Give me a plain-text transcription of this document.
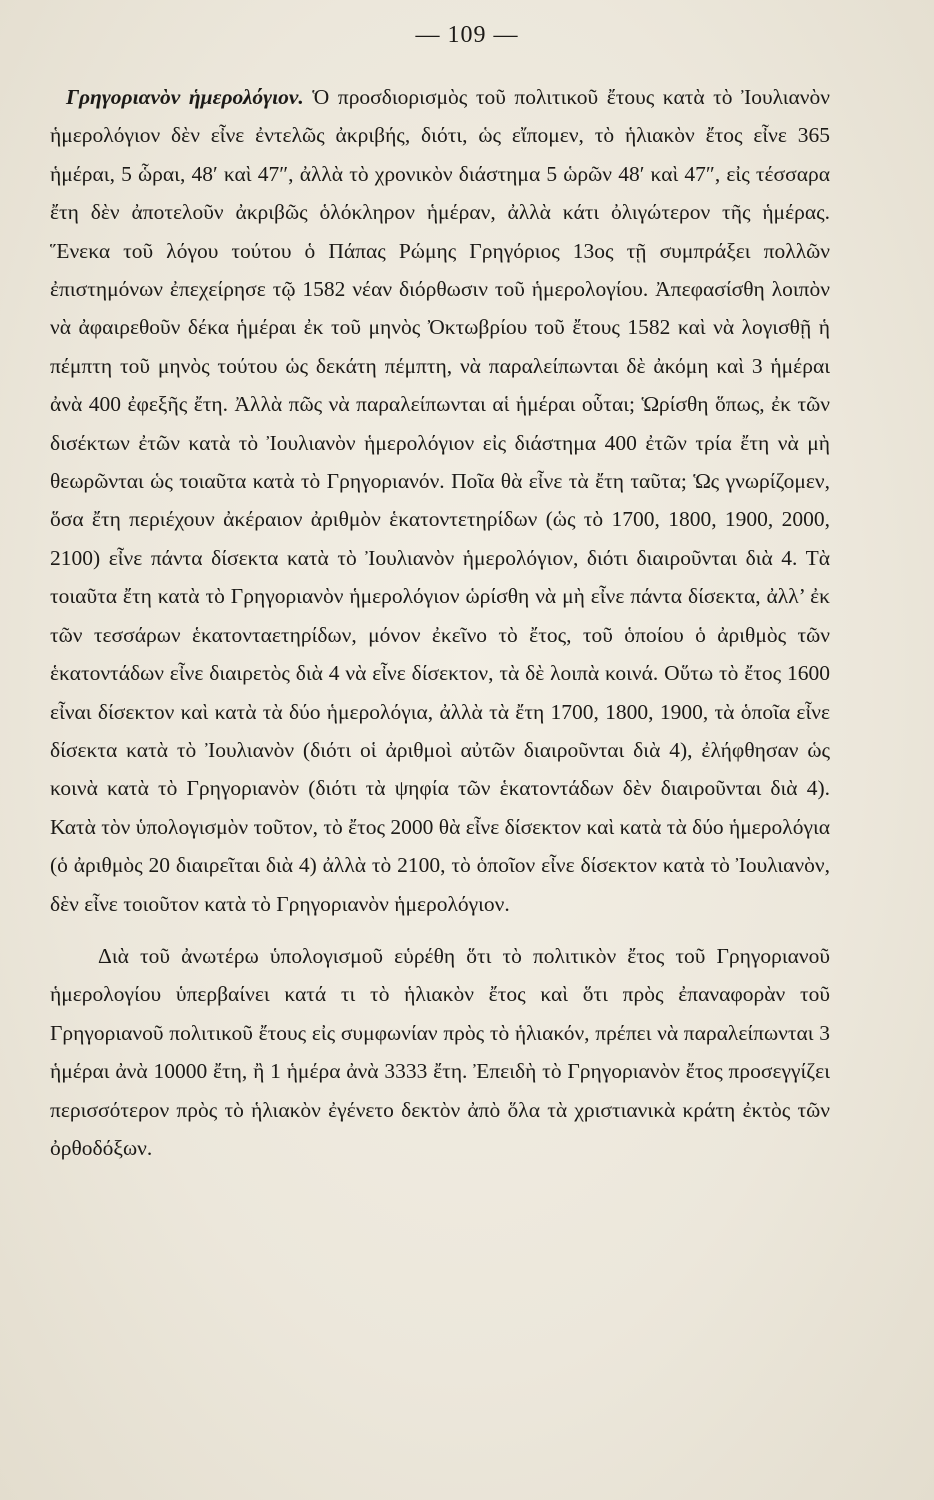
— 109 —

Γρηγοριανὸν ἡμερολόγιον. Ὁ προσδιορισμὸς τοῦ πολιτικοῦ ἔτους κατὰ τὸ Ἰουλιανὸν ἡμερολόγιον δὲν εἶνε ἐντελῶς ἀκριβής, διότι, ὡς εἴπομεν, τὸ ἡλιακὸν ἔτος εἶνε 365 ἡμέραι, 5 ὧραι, 48′ καὶ 47″, ἀλλὰ τὸ χρονικὸν διάστημα 5 ὡρῶν 48′ καὶ 47″, εἰς τέσσαρα ἔτη δὲν ἀποτελοῦν ἀκριβῶς ὁλόκληρον ἡμέραν, ἀλλὰ κάτι ὀλιγώτερον τῆς ἡμέρας. Ἕνεκα τοῦ λόγου τούτου ὁ Πάπας Ρώμης Γρηγόριος 13ος τῇ συμπράξει πολλῶν ἐπιστημόνων ἐπεχείρησε τῷ 1582 νέαν διόρθωσιν τοῦ ἡμερολογίου. Ἀπεφασίσθη λοιπὸν νὰ ἀφαιρεθοῦν δέκα ἡμέραι ἐκ τοῦ μηνὸς Ὀκτωβρίου τοῦ ἔτους 1582 καὶ νὰ λογισθῇ ἡ πέμπτη τοῦ μηνὸς τούτου ὡς δεκάτη πέμπτη, νὰ παραλείπωνται δὲ ἀκόμη καὶ 3 ἡμέραι ἀνὰ 400 ἐφεξῆς ἔτη. Ἀλλὰ πῶς νὰ παραλείπωνται αἱ ἡμέραι οὗται; Ὡρίσθη ὅπως, ἐκ τῶν δισέκτων ἐτῶν κατὰ τὸ Ἰουλιανὸν ἡμερολόγιον εἰς διάστημα 400 ἐτῶν τρία ἔτη νὰ μὴ θεωρῶνται ὡς τοιαῦτα κατὰ τὸ Γρηγοριανόν. Ποῖα θὰ εἶνε τὰ ἔτη ταῦτα; Ὡς γνωρίζομεν, ὅσα ἔτη περιέχουν ἀκέραιον ἀριθμὸν ἑκατοντετηρίδων (ὡς τὸ 1700, 1800, 1900, 2000, 2100) εἶνε πάντα δίσεκτα κατὰ τὸ Ἰουλιανὸν ἡμερολόγιον, διότι διαιροῦνται διὰ 4. Τὰ τοιαῦτα ἔτη κατὰ τὸ Γρηγοριανὸν ἡμερολόγιον ὡρίσθη νὰ μὴ εἶνε πάντα δίσεκτα, ἀλλ’ ἐκ τῶν τεσσάρων ἑκατονταετηρίδων, μόνον ἐκεῖνο τὸ ἔτος, τοῦ ὁποίου ὁ ἀριθμὸς τῶν ἑκατοντάδων εἶνε διαιρετὸς διὰ 4 νὰ εἶνε δίσεκτον, τὰ δὲ λοιπὰ κοινά. Οὕτω τὸ ἔτος 1600 εἶναι δίσεκτον καὶ κατὰ τὰ δύο ἡμερολόγια, ἀλλὰ τὰ ἔτη 1700, 1800, 1900, τὰ ὁποῖα εἶνε δίσεκτα κατὰ τὸ Ἰουλιανὸν (διότι οἱ ἀριθμοὶ αὐτῶν διαιροῦνται διὰ 4), ἐλήφθησαν ὡς κοινὰ κατὰ τὸ Γρηγοριανὸν (διότι τὰ ψηφία τῶν ἑκατοντάδων δὲν διαιροῦνται διὰ 4). Κατὰ τὸν ὑπολογισμὸν τοῦτον, τὸ ἔτος 2000 θὰ εἶνε δίσεκτον καὶ κατὰ τὰ δύο ἡμερολόγια (ὁ ἀριθμὸς 20 διαιρεῖται διὰ 4) ἀλλὰ τὸ 2100, τὸ ὁποῖον εἶνε δίσεκτον κατὰ τὸ Ἰουλιανὸν, δὲν εἶνε τοιοῦτον κατὰ τὸ Γρηγοριανὸν ἡμερολόγιον.

Διὰ τοῦ ἀνωτέρω ὑπολογισμοῦ εὑρέθη ὅτι τὸ πολιτικὸν ἔτος τοῦ Γρηγοριανοῦ ἡμερολογίου ὑπερβαίνει κατά τι τὸ ἡλιακὸν ἔτος καὶ ὅτι πρὸς ἐπαναφορὰν τοῦ Γρηγοριανοῦ πολιτικοῦ ἔτους εἰς συμφωνίαν πρὸς τὸ ἡλιακόν, πρέπει νὰ παραλείπωνται 3 ἡμέραι ἀνὰ 10000 ἔτη, ἢ 1 ἡμέρα ἀνὰ 3333 ἔτη. Ἐπειδὴ τὸ Γρηγοριανὸν ἔτος προσεγγίζει περισσότερον πρὸς τὸ ἡλιακὸν ἐγένετο δεκτὸν ἀπὸ ὅλα τὰ χριστιανικὰ κράτη ἐκτὸς τῶν ὀρθοδόξων.
